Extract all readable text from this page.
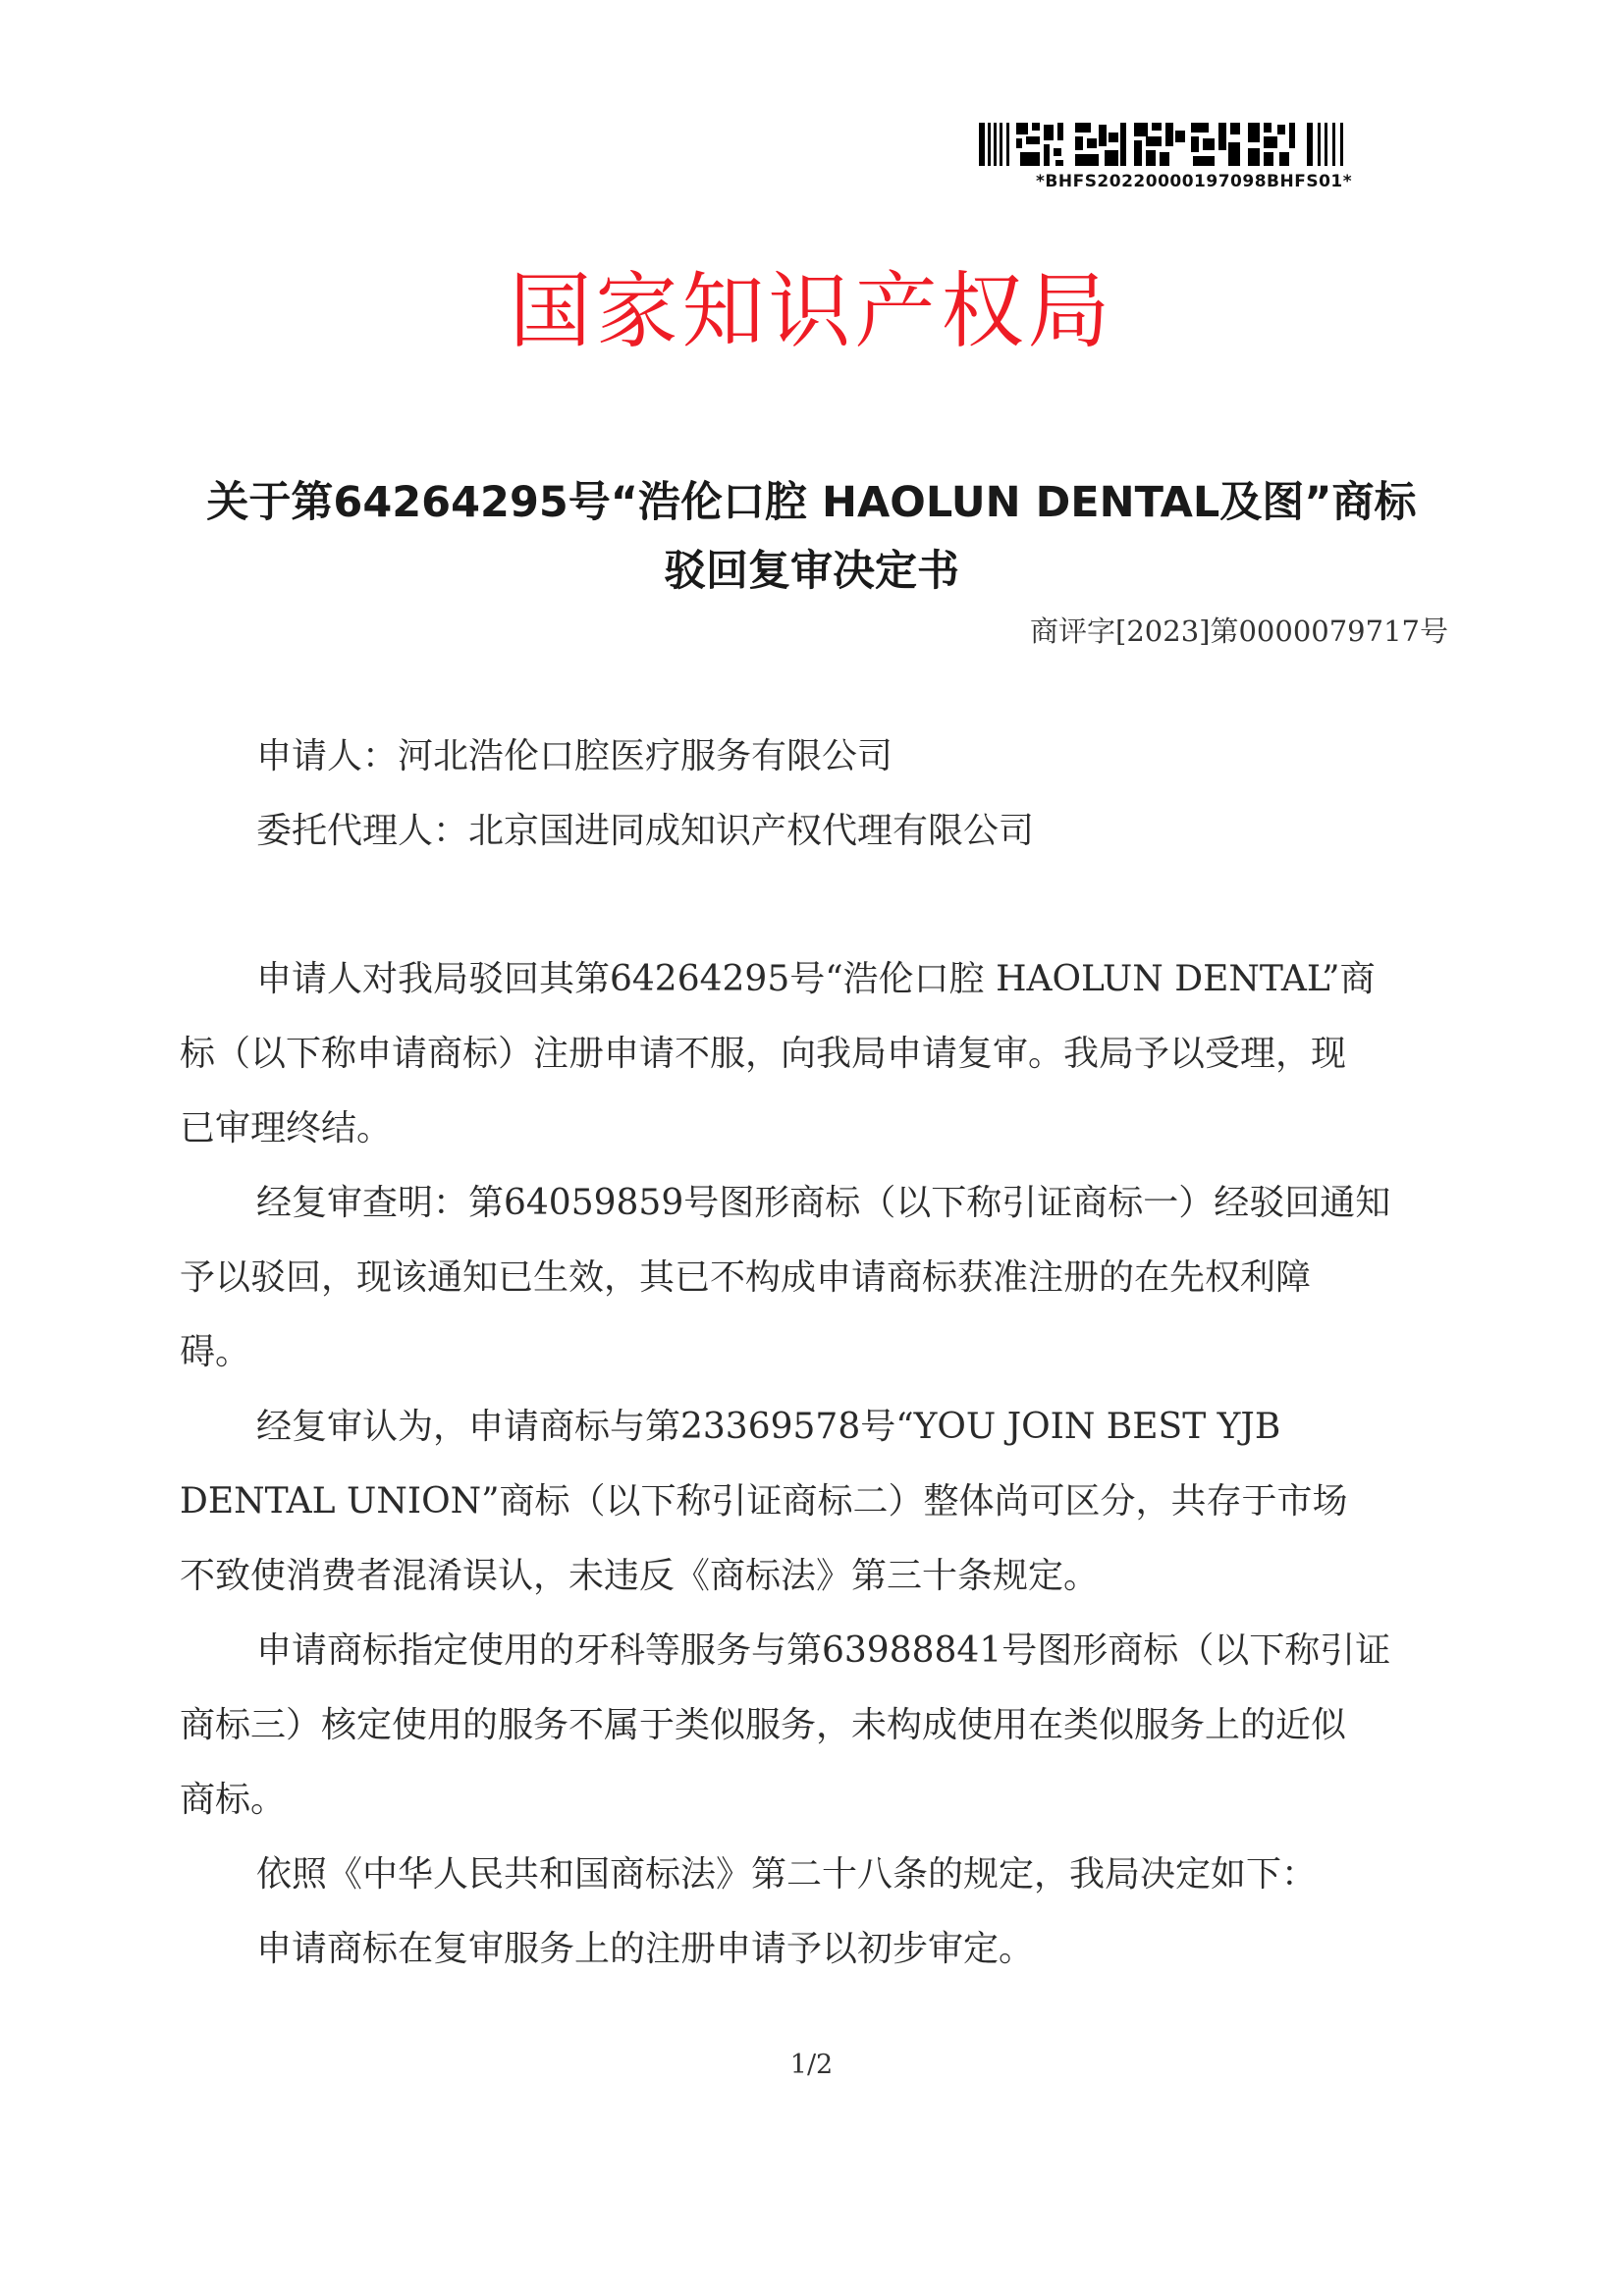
*BHFS20220000197098BHFS01*
国家知识产权局
关于第64264295号“浩伦口腔 HAOLUN DENTAL及图”商标
驳回复审决定书
商评字[2023]第0000079717号
申请人：河北浩伦口腔医疗服务有限公司
委托代理人：北京国进同成知识产权代理有限公司
申请人对我局驳回其第64264295号“浩伦口腔 HAOLUN DENTAL”商
标（以下称申请商标）注册申请不服，向我局申请复审。我局予以受理，现
已审理终结。
经复审查明：第64059859号图形商标（以下称引证商标一）经驳回通知
予以驳回，现该通知已生效，其已不构成申请商标获准注册的在先权利障
碍。
经复审认为，申请商标与第23369578号“YOU JOIN BEST YJB
DENTAL UNION”商标（以下称引证商标二）整体尚可区分，共存于市场
不致使消费者混淆误认，未违反《商标法》第三十条规定。
申请商标指定使用的牙科等服务与第63988841号图形商标（以下称引证
商标三）核定使用的服务不属于类似服务，未构成使用在类似服务上的近似
商标。
依照《中华人民共和国商标法》第二十八条的规定，我局决定如下：
申请商标在复审服务上的注册申请予以初步审定。
1/2
